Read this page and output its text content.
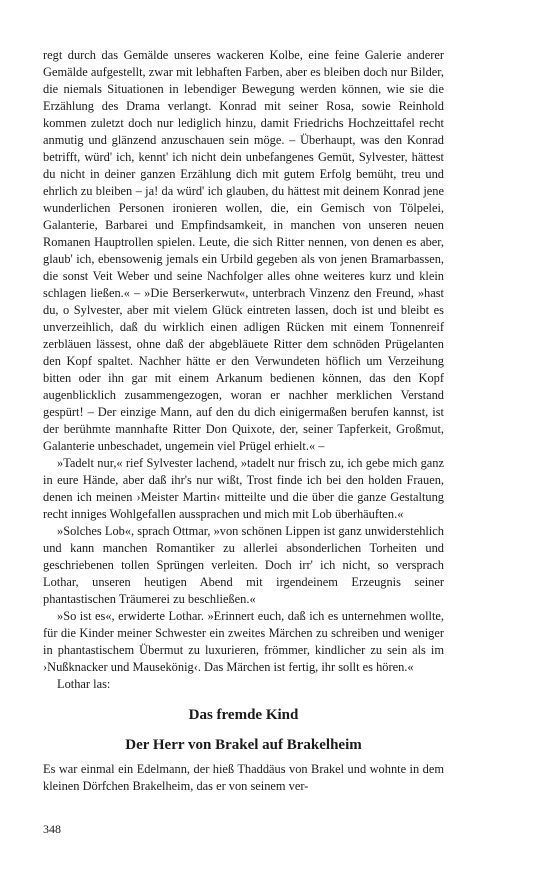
regt durch das Gemälde unseres wackeren Kolbe, eine feine Galerie anderer Gemälde aufgestellt, zwar mit lebhaften Farben, aber es bleiben doch nur Bilder, die niemals Situationen in lebendiger Bewegung werden können, wie sie die Erzählung des Drama verlangt. Konrad mit seiner Rosa, sowie Reinhold kommen zuletzt doch nur lediglich hinzu, damit Friedrichs Hochzeittafel recht anmutig und glänzend anzuschauen sein möge. – Überhaupt, was den Konrad betrifft, würd' ich, kennt' ich nicht dein unbefangenes Gemüt, Sylvester, hättest du nicht in deiner ganzen Erzählung dich mit gutem Erfolg bemüht, treu und ehrlich zu bleiben – ja! da würd' ich glauben, du hättest mit deinem Konrad jene wunderlichen Personen ironieren wollen, die, ein Gemisch von Tölpelei, Galanterie, Barbarei und Empfindsamkeit, in manchen von unseren neuen Romanen Hauptrollen spielen. Leute, die sich Ritter nennen, von denen es aber, glaub' ich, ebensowenig jemals ein Urbild gegeben als von jenen Bramarbassen, die sonst Veit Weber und seine Nachfolger alles ohne weiteres kurz und klein schlagen ließen.« – »Die Berserkerwut«, unterbrach Vinzenz den Freund, »hast du, o Sylvester, aber mit vielem Glück eintreten lassen, doch ist und bleibt es unverzeihlich, daß du wirklich einen adligen Rücken mit einem Tonnenreif zerbläuen lässest, ohne daß der abgebläuete Ritter dem schnöden Prügelanten den Kopf spaltet. Nachher hätte er den Verwundeten höflich um Verzeihung bitten oder ihn gar mit einem Arkanum bedienen können, das den Kopf augenblicklich zusammengezogen, woran er nachher merklichen Verstand gespürt! – Der einzige Mann, auf den du dich einigermaßen berufen kannst, ist der berühmte mannhafte Ritter Don Quixote, der, seiner Tapferkeit, Großmut, Galanterie unbeschadet, ungemein viel Prügel erhielt.« –

»Tadelt nur,« rief Sylvester lachend, »tadelt nur frisch zu, ich gebe mich ganz in eure Hände, aber daß ihr's nur wißt, Trost finde ich bei den holden Frauen, denen ich meinen ›Meister Martin‹ mitteilte und die über die ganze Gestaltung recht inniges Wohlgefallen aussprachen und mich mit Lob überhäuften.«

»Solches Lob«, sprach Ottmar, »von schönen Lippen ist ganz unwiderstehlich und kann manchen Romantiker zu allerlei absonderlichen Torheiten und geschriebenen tollen Sprüngen verleiten. Doch irr' ich nicht, so versprach Lothar, unseren heutigen Abend mit irgendeinem Erzeugnis seiner phantastischen Träumerei zu beschließen.«

»So ist es«, erwiderte Lothar. »Erinnert euch, daß ich es unternehmen wollte, für die Kinder meiner Schwester ein zweites Märchen zu schreiben und weniger in phantastischem Übermut zu luxurieren, frömmer, kindlicher zu sein als im ›Nußknacker und Mausekönig‹. Das Märchen ist fertig, ihr sollt es hören.«

Lothar las:

Das fremde Kind
Der Herr von Brakel auf Brakelheim

Es war einmal ein Edelmann, der hieß Thaddäus von Brakel und wohnte in dem kleinen Dörfchen Brakelheim, das er von seinem ver-

348
